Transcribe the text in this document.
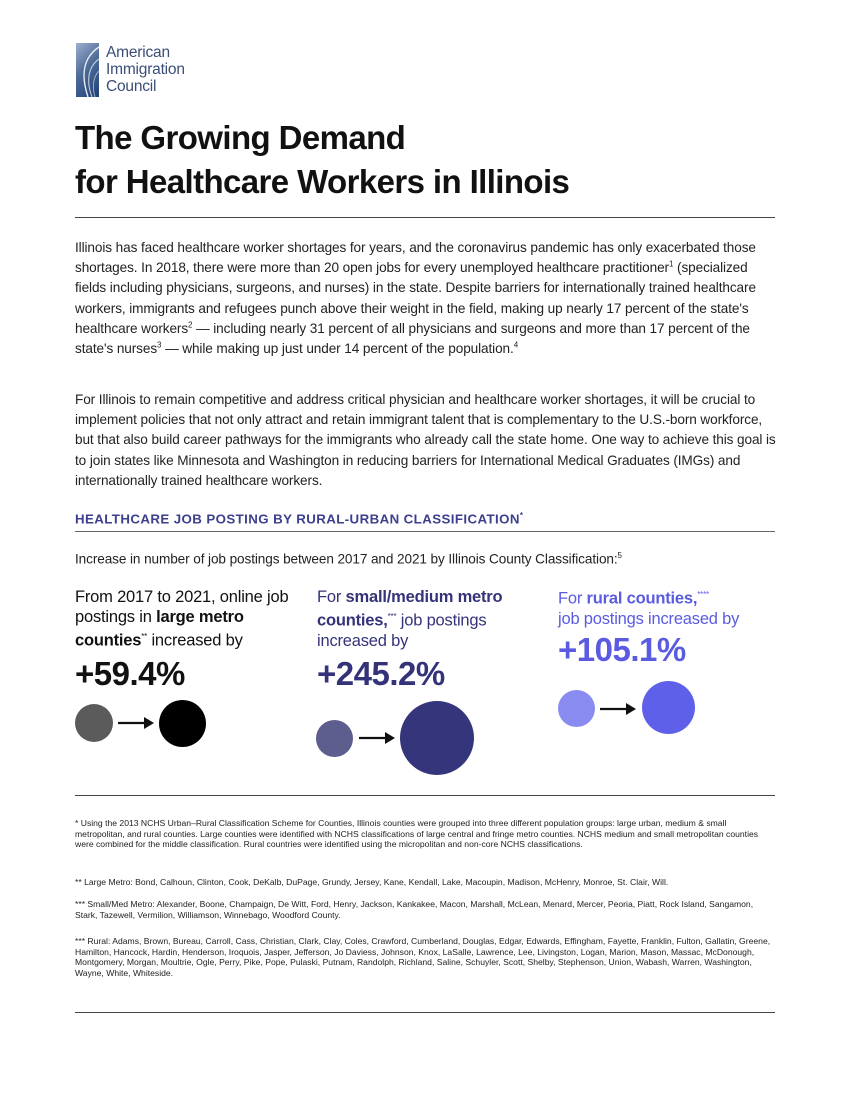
American
Immigration
Council
The Growing Demand
for Healthcare Workers in Illinois

Illinois has faced healthcare worker shortages for years, and the coronavirus pandemic has only exacerbated those shortages. In 2018, there were more than 20 open jobs for every unemployed healthcare practitioner$^1$ (specialized fields including physicians, surgeons, and nurses) in the state. Despite barriers for internationally trained healthcare workers, immigrants and refugees punch above their weight in the field, making up nearly 17 percent of the state's healthcare workers$^2$ — including nearly 31 percent of all physicians and surgeons and more than 17 percent of the state's nurses$^3$ — while making up just under 14 percent of the population.$^4$

For Illinois to remain competitive and address critical physician and healthcare worker shortages, it will be crucial to implement policies that not only attract and retain immigrant talent that is complementary to the U.S.-born workforce, but that also build career pathways for the immigrants who already call the state home. One way to achieve this goal is to join states like Minnesota and Washington in reducing barriers for International Medical Graduates (IMGs) and internationally trained healthcare workers.

HEALTHCARE JOB POSTING BY RURAL-URBAN CLASSIFICATION*
Increase in number of job postings between 2017 and 2021 by Illinois County Classification:$^5$

From 2017 to 2021, online job postings in large metro counties** increased by

+59.4%

For small/medium metro counties,*** job postings increased by

+245.2%

For rural counties,****
job postings increased by

+105.1%

* Using the 2013 NCHS Urban–Rural Classification Scheme for Counties, Illinois counties were grouped into three different population groups: large urban, medium & small metropolitan, and rural counties. Large counties were identified with NCHS classifications of large central and fringe metro counties. NCHS medium and small metropolitan counties were combined for the middle classification. Rural countries were identified using the micropolitan and non-core NCHS classifications.

** Large Metro: Bond, Calhoun, Clinton, Cook, DeKalb, DuPage, Grundy, Jersey, Kane, Kendall, Lake, Macoupin, Madison, McHenry, Monroe, St. Clair, Will.

*** Small/Med Metro: Alexander, Boone, Champaign, De Witt, Ford, Henry, Jackson, Kankakee, Macon, Marshall, McLean, Menard, Mercer, Peoria, Piatt, Rock Island, Sangamon, Stark, Tazewell, Vermilion, Williamson, Winnebago, Woodford County.

*** Rural: Adams, Brown, Bureau, Carroll, Cass, Christian, Clark, Clay, Coles, Crawford, Cumberland, Douglas, Edgar, Edwards, Effingham, Fayette, Franklin, Fulton, Gallatin, Greene, Hamilton, Hancock, Hardin, Henderson, Iroquois, Jasper, Jefferson, Jo Daviess, Johnson, Knox, LaSalle, Lawrence, Lee, Livingston, Logan, Marion, Mason, Massac, McDonough, Montgomery, Morgan, Moultrie, Ogle, Perry, Pike, Pope, Pulaski, Putnam, Randolph, Richland, Saline, Schuyler, Scott, Shelby, Stephenson, Union, Wabash, Warren, Washington, Wayne, White, Whiteside.
